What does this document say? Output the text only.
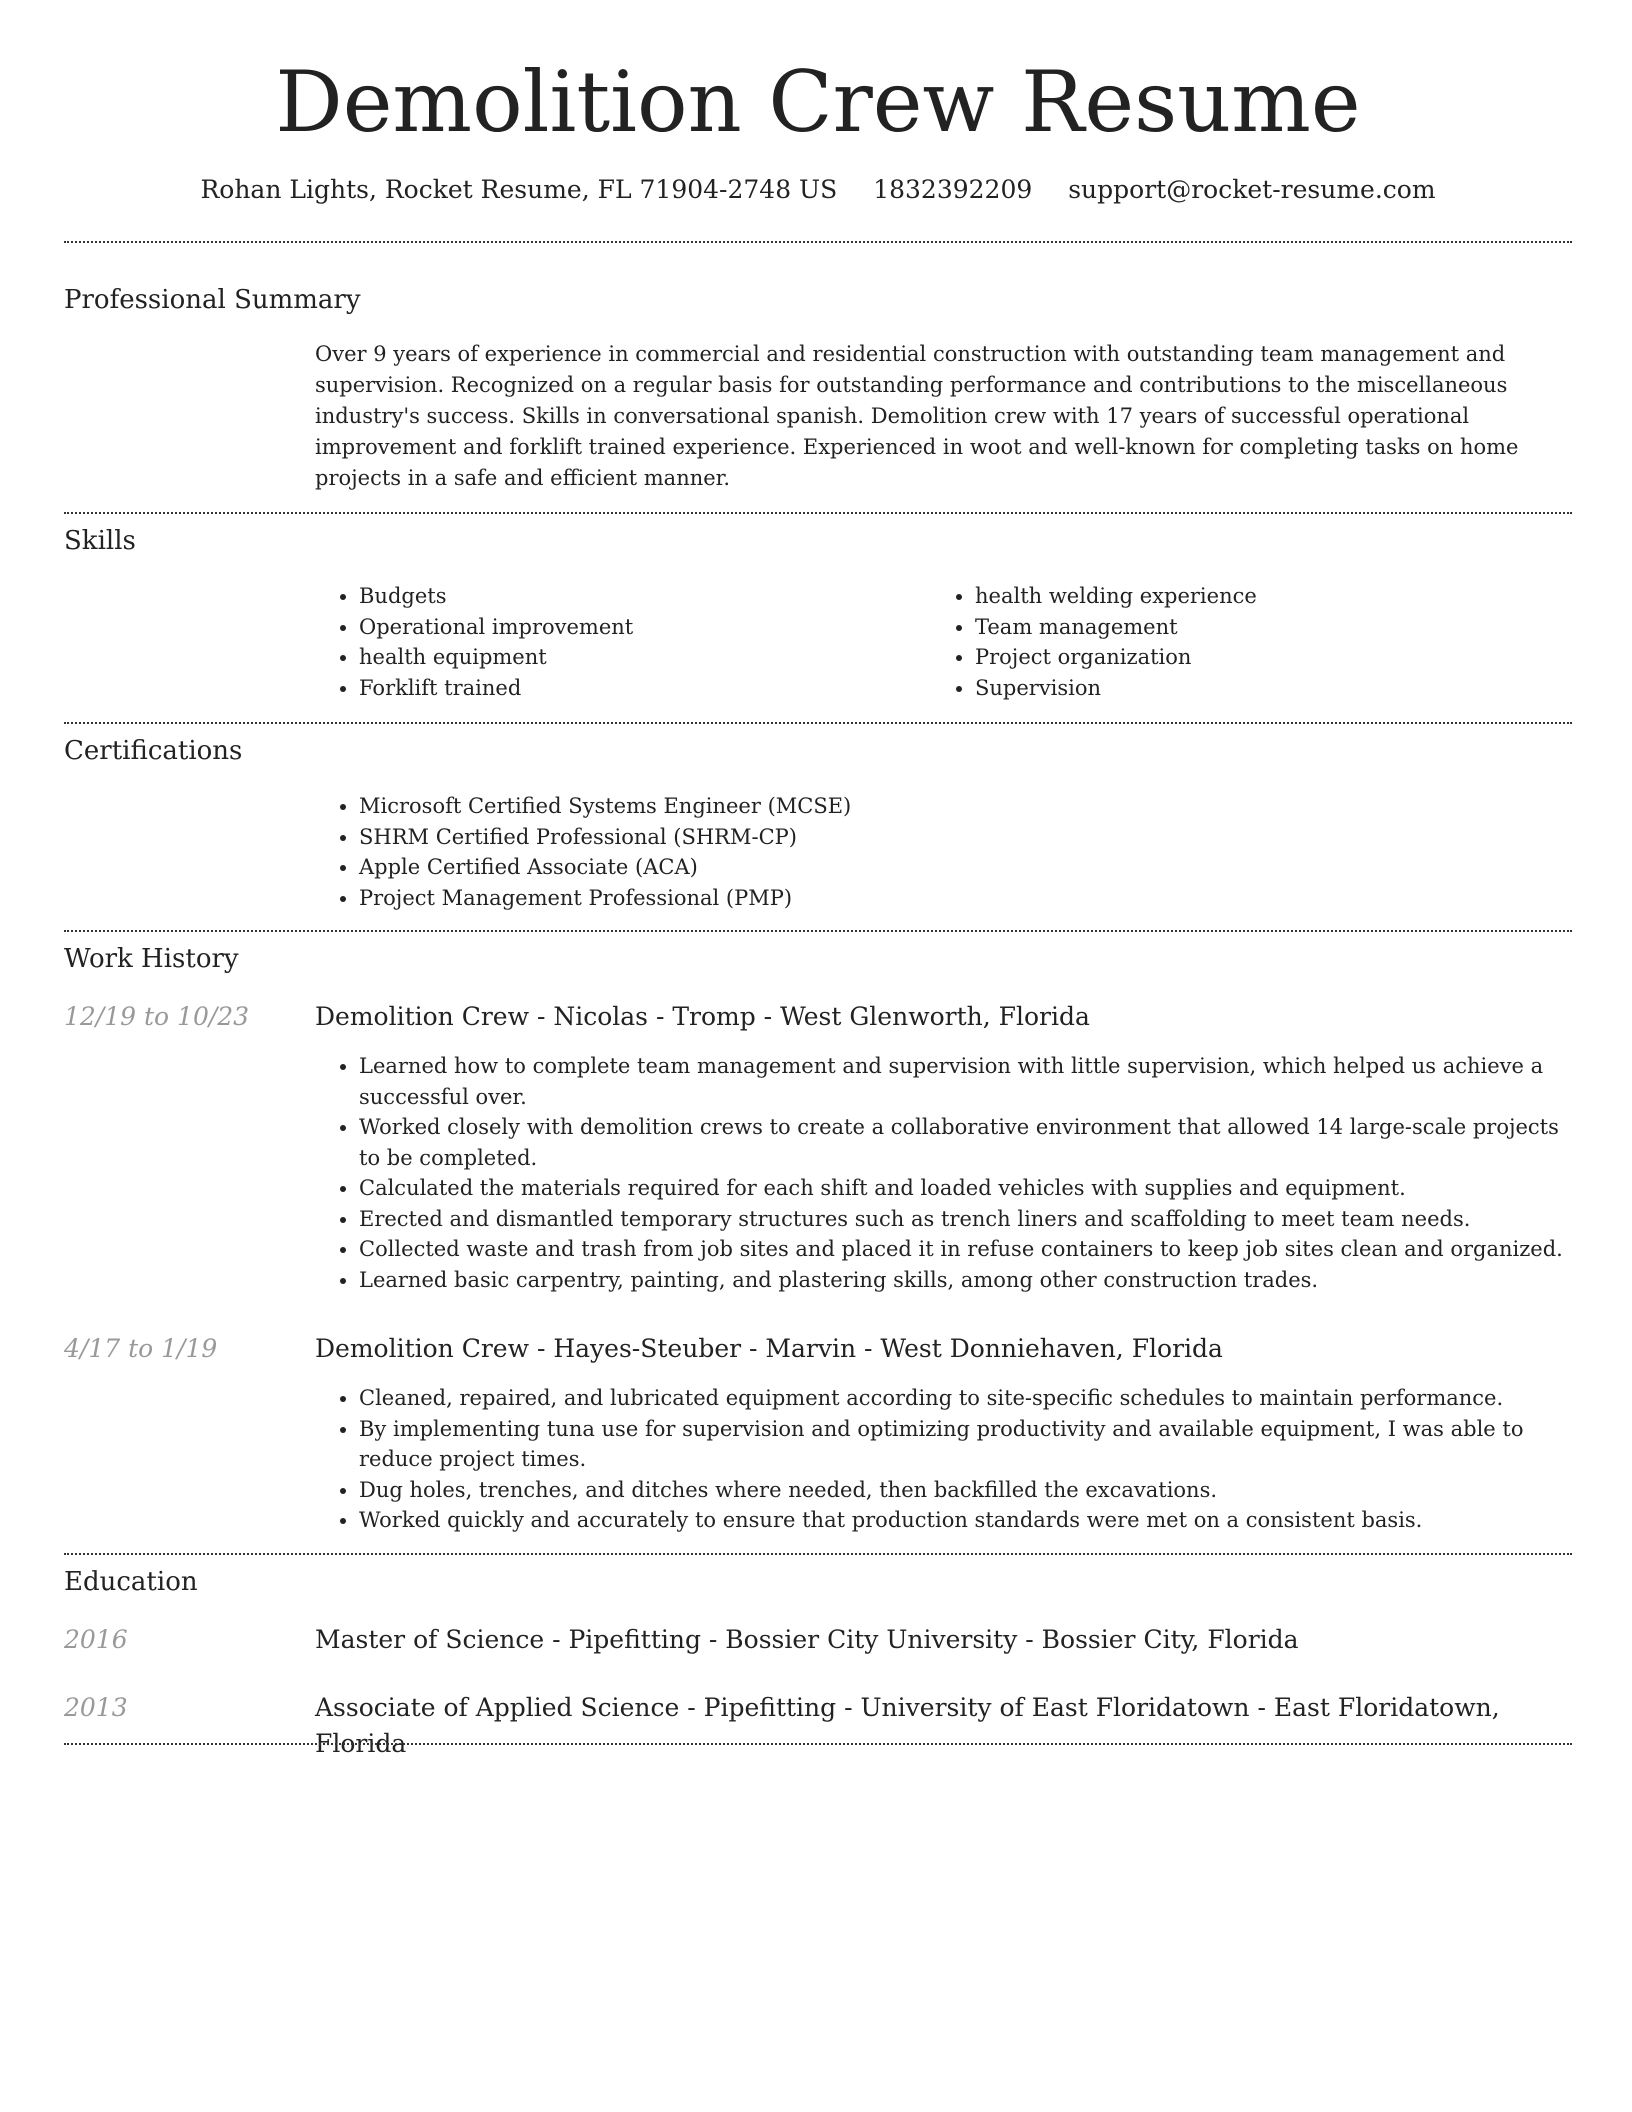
Demolition Crew Resume
Rohan Lights, Rocket Resume, FL 71904-2748 US 1832392209 support@rocket-resume.com
Professional Summary
Over 9 years of experience in commercial and residential construction with outstanding team management and supervision. Recognized on a regular basis for outstanding performance and contributions to the miscellaneous industry's success. Skills in conversational spanish. Demolition crew with 17 years of successful operational improvement and forklift trained experience. Experienced in woot and well-known for completing tasks on home projects in a safe and efficient manner.
Skills
• Budgets
• Operational improvement
• health equipment
• Forklift trained
• health welding experience
• Team management
• Project organization
• Supervision
Certifications
• Microsoft Certified Systems Engineer (MCSE)
• SHRM Certified Professional (SHRM-CP)
• Apple Certified Associate (ACA)
• Project Management Professional (PMP)
Work History
12/19 to 10/23	Demolition Crew - Nicolas - Tromp - West Glenworth, Florida
• Learned how to complete team management and supervision with little supervision, which helped us achieve a successful over.
• Worked closely with demolition crews to create a collaborative environment that allowed 14 large-scale projects to be completed.
• Calculated the materials required for each shift and loaded vehicles with supplies and equipment.
• Erected and dismantled temporary structures such as trench liners and scaffolding to meet team needs.
• Collected waste and trash from job sites and placed it in refuse containers to keep job sites clean and organized.
• Learned basic carpentry, painting, and plastering skills, among other construction trades.
4/17 to 1/19	Demolition Crew - Hayes-Steuber - Marvin - West Donniehaven, Florida
• Cleaned, repaired, and lubricated equipment according to site-specific schedules to maintain performance.
• By implementing tuna use for supervision and optimizing productivity and available equipment, I was able to reduce project times.
• Dug holes, trenches, and ditches where needed, then backfilled the excavations.
• Worked quickly and accurately to ensure that production standards were met on a consistent basis.
Education
2016	Master of Science - Pipefitting - Bossier City University - Bossier City, Florida
2013	Associate of Applied Science - Pipefitting - University of East Floridatown - East Floridatown, Florida
